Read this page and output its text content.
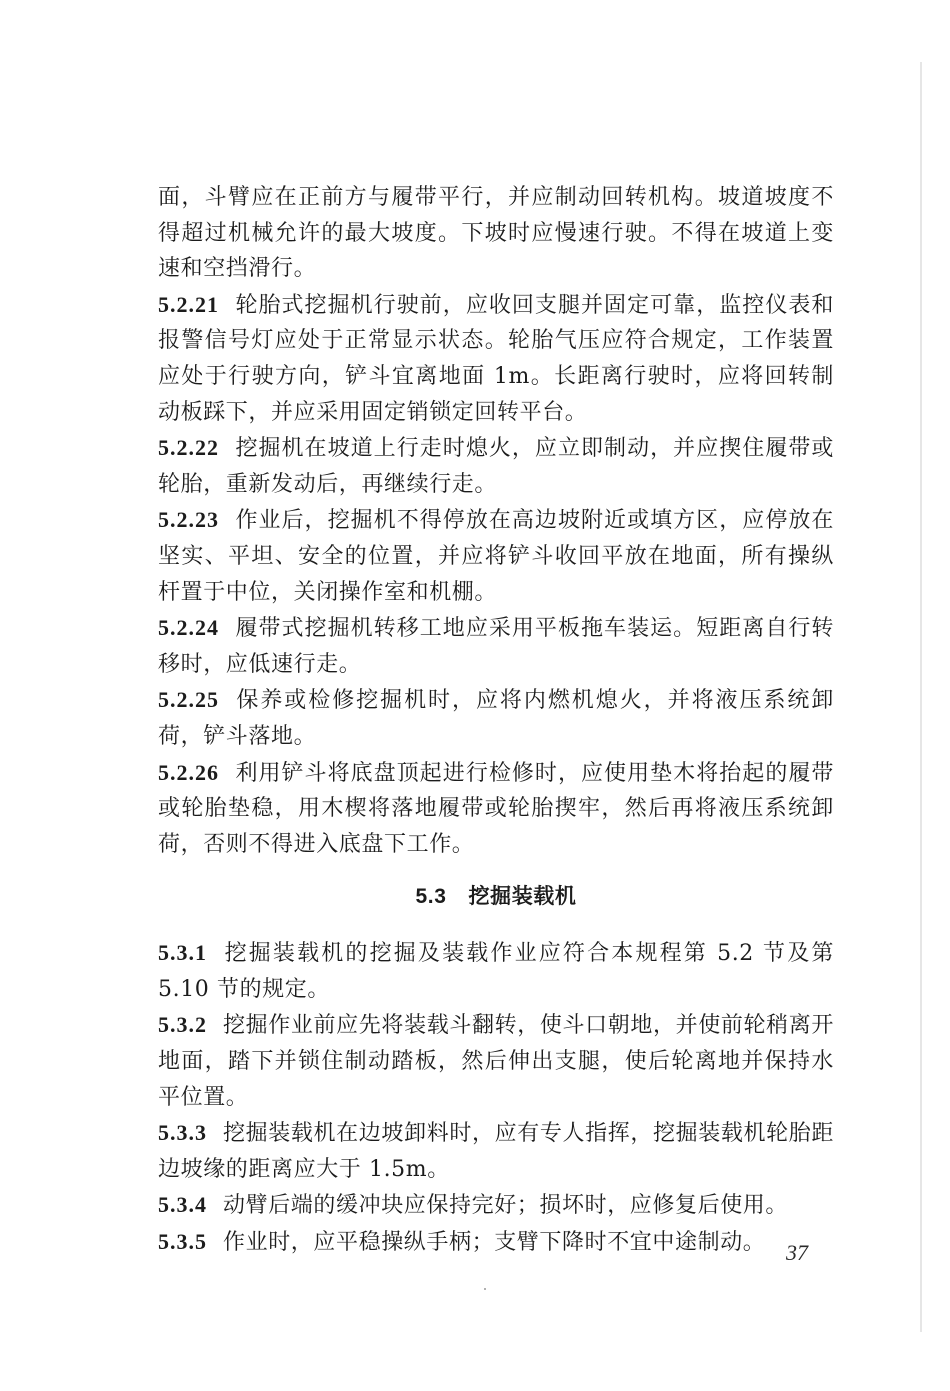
面，斗臂应在正前方与履带平行，并应制动回转机构。坡道坡度不得超过机械允许的最大坡度。下坡时应慢速行驶。不得在坡道上变速和空挡滑行。

5.2.21 轮胎式挖掘机行驶前，应收回支腿并固定可靠，监控仪表和报警信号灯应处于正常显示状态。轮胎气压应符合规定，工作装置应处于行驶方向，铲斗宜离地面 1m。长距离行驶时，应将回转制动板踩下，并应采用固定销锁定回转平台。

5.2.22 挖掘机在坡道上行走时熄火，应立即制动，并应揳住履带或轮胎，重新发动后，再继续行走。

5.2.23 作业后，挖掘机不得停放在高边坡附近或填方区，应停放在坚实、平坦、安全的位置，并应将铲斗收回平放在地面，所有操纵杆置于中位，关闭操作室和机棚。

5.2.24 履带式挖掘机转移工地应采用平板拖车装运。短距离自行转移时，应低速行走。

5.2.25 保养或检修挖掘机时，应将内燃机熄火，并将液压系统卸荷，铲斗落地。

5.2.26 利用铲斗将底盘顶起进行检修时，应使用垫木将抬起的履带或轮胎垫稳，用木楔将落地履带或轮胎揳牢，然后再将液压系统卸荷，否则不得进入底盘下工作。

5.3 挖掘装载机

5.3.1 挖掘装载机的挖掘及装载作业应符合本规程第 5.2 节及第 5.10 节的规定。

5.3.2 挖掘作业前应先将装载斗翻转，使斗口朝地，并使前轮稍离开地面，踏下并锁住制动踏板，然后伸出支腿，使后轮离地并保持水平位置。

5.3.3 挖掘装载机在边坡卸料时，应有专人指挥，挖掘装载机轮胎距边坡缘的距离应大于 1.5m。

5.3.4 动臂后端的缓冲块应保持完好；损坏时，应修复后使用。

5.3.5 作业时，应平稳操纵手柄；支臂下降时不宜中途制动。 37
